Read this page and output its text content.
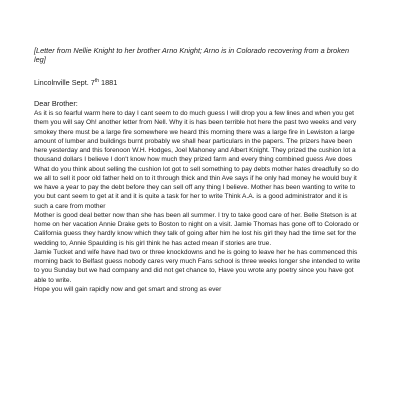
[Letter from Nellie Knight to her brother Arno Knight; Arno is in Colorado recovering from a broken leg]
Lincolnville Sept. 7th 1881
Dear Brother:

As it is so fearful warm here to day I cant seem to do much guess I will drop you a few lines and when you get them you will say Oh! another letter from Nell. Why it is has been terrible hot here the past two weeks and very smokey there must be a large fire somewhere we heard this morning there was a large fire in Lewiston a large amount of lumber and buildings burnt probably we shall hear particulars in the papers. The prizers have been here yesterday and this forenoon W.H. Hodges, Joel Mahoney and Albert Knight. They prized the cushion lot a thousand dollars I believe I don't know how much they prized farm and every thing combined guess Ave does

What do you think about selling the cushion lot got to sell something to pay debts mother hates dreadfully so do we all to sell it poor old father held on to it through thick and thin Ave says if he only had money he would buy it we have a year to pay the debt before they can sell off any thing I believe. Mother has been wanting to write to you but cant seem to get at it and it is quite a task for her to write Think A.A. is a good administrator and it is such a care from mother

Mother is good deal better now than she has been all summer. I try to take good care of her. Belle Stetson is at home on her vacation Annie Drake gets to Boston to night on a visit. Jamie Thomas has gone off to Colorado or California guess they hardly know which they talk of going after him he lost his girl they had the time set for the wedding to, Annie Spaulding is his girl think he has acted mean if stories are true.

Jamie Tucket and wife have had two or three knockdowns and he is going to leave her he has commenced this morning back to Belfast guess nobody cares very much Fans school is three weeks longer she intended to write to you Sunday but we had company and did not get chance to, Have you wrote any poetry since you have got able to write.

Hope you will gain rapidly now and get smart and strong as ever
